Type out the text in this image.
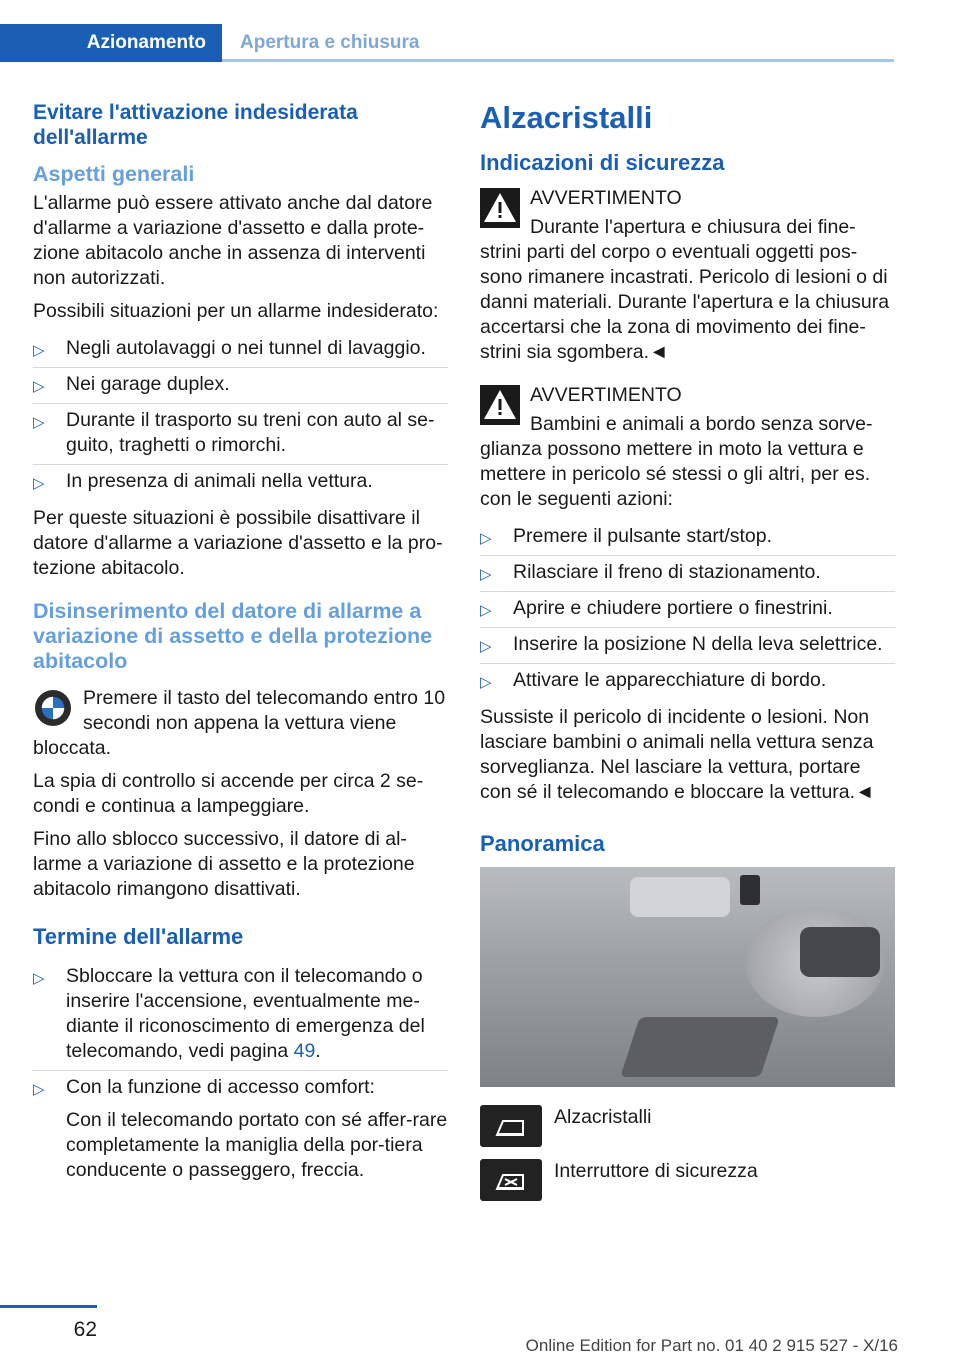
Azionamento	Apertura e chiusura
Evitare l'attivazione indesiderata dell'allarme
Aspetti generali

L'allarme può essere attivato anche dal datore d'allarme a variazione d'assetto e dalla prote-zione abitacolo anche in assenza di interventi non autorizzati.

Possibili situazioni per un allarme indesiderato:

▷ Negli autolavaggi o nei tunnel di lavaggio.
▷ Nei garage duplex.
▷ Durante il trasporto su treni con auto al se-guito, traghetti o rimorchi.
▷ In presenza di animali nella vettura.

Per queste situazioni è possibile disattivare il datore d'allarme a variazione d'assetto e la pro-tezione abitacolo.

Disinserimento del datore di allarme a variazione di assetto e della protezione abitacolo

Premere il tasto del telecomando entro 10 secondi non appena la vettura viene bloccata.

La spia di controllo si accende per circa 2 se-condi e continua a lampeggiare.

Fino allo sblocco successivo, il datore di al-larme a variazione di assetto e la protezione abitacolo rimangono disattivati.

Termine dell'allarme
▷ Sbloccare la vettura con il telecomando o inserire l'accensione, eventualmente me-diante il riconoscimento di emergenza del telecomando, vedi pagina 49.
▷ Con la funzione di accesso comfort:
Con il telecomando portato con sé affer-rare completamente la maniglia della por-tiera conducente o passeggero, freccia.
Alzacristalli
Indicazioni di sicurezza

AVVERTIMENTO

Durante l'apertura e chiusura dei fine-strini parti del corpo o eventuali oggetti pos-sono rimanere incastrati. Pericolo di lesioni o di danni materiali. Durante l'apertura e la chiusura accertarsi che la zona di movimento dei fine-strini sia sgombera.◄

AVVERTIMENTO

Bambini e animali a bordo senza sorve-glianza possono mettere in moto la vettura e mettere in pericolo sé stessi o gli altri, per es. con le seguenti azioni:

▷ Premere il pulsante start/stop.
▷ Rilasciare il freno di stazionamento.
▷ Aprire e chiudere portiere o finestrini.
▷ Inserire la posizione N della leva selettrice.
▷ Attivare le apparecchiature di bordo.

Sussiste il pericolo di incidente o lesioni. Non lasciare bambini o animali nella vettura senza sorveglianza. Nel lasciare la vettura, portare con sé il telecomando e bloccare la vettura.◄

Panoramica
Alzacristalli
Interruttore di sicurezza
62
Online Edition for Part no. 01 40 2 915 527 - X/16
